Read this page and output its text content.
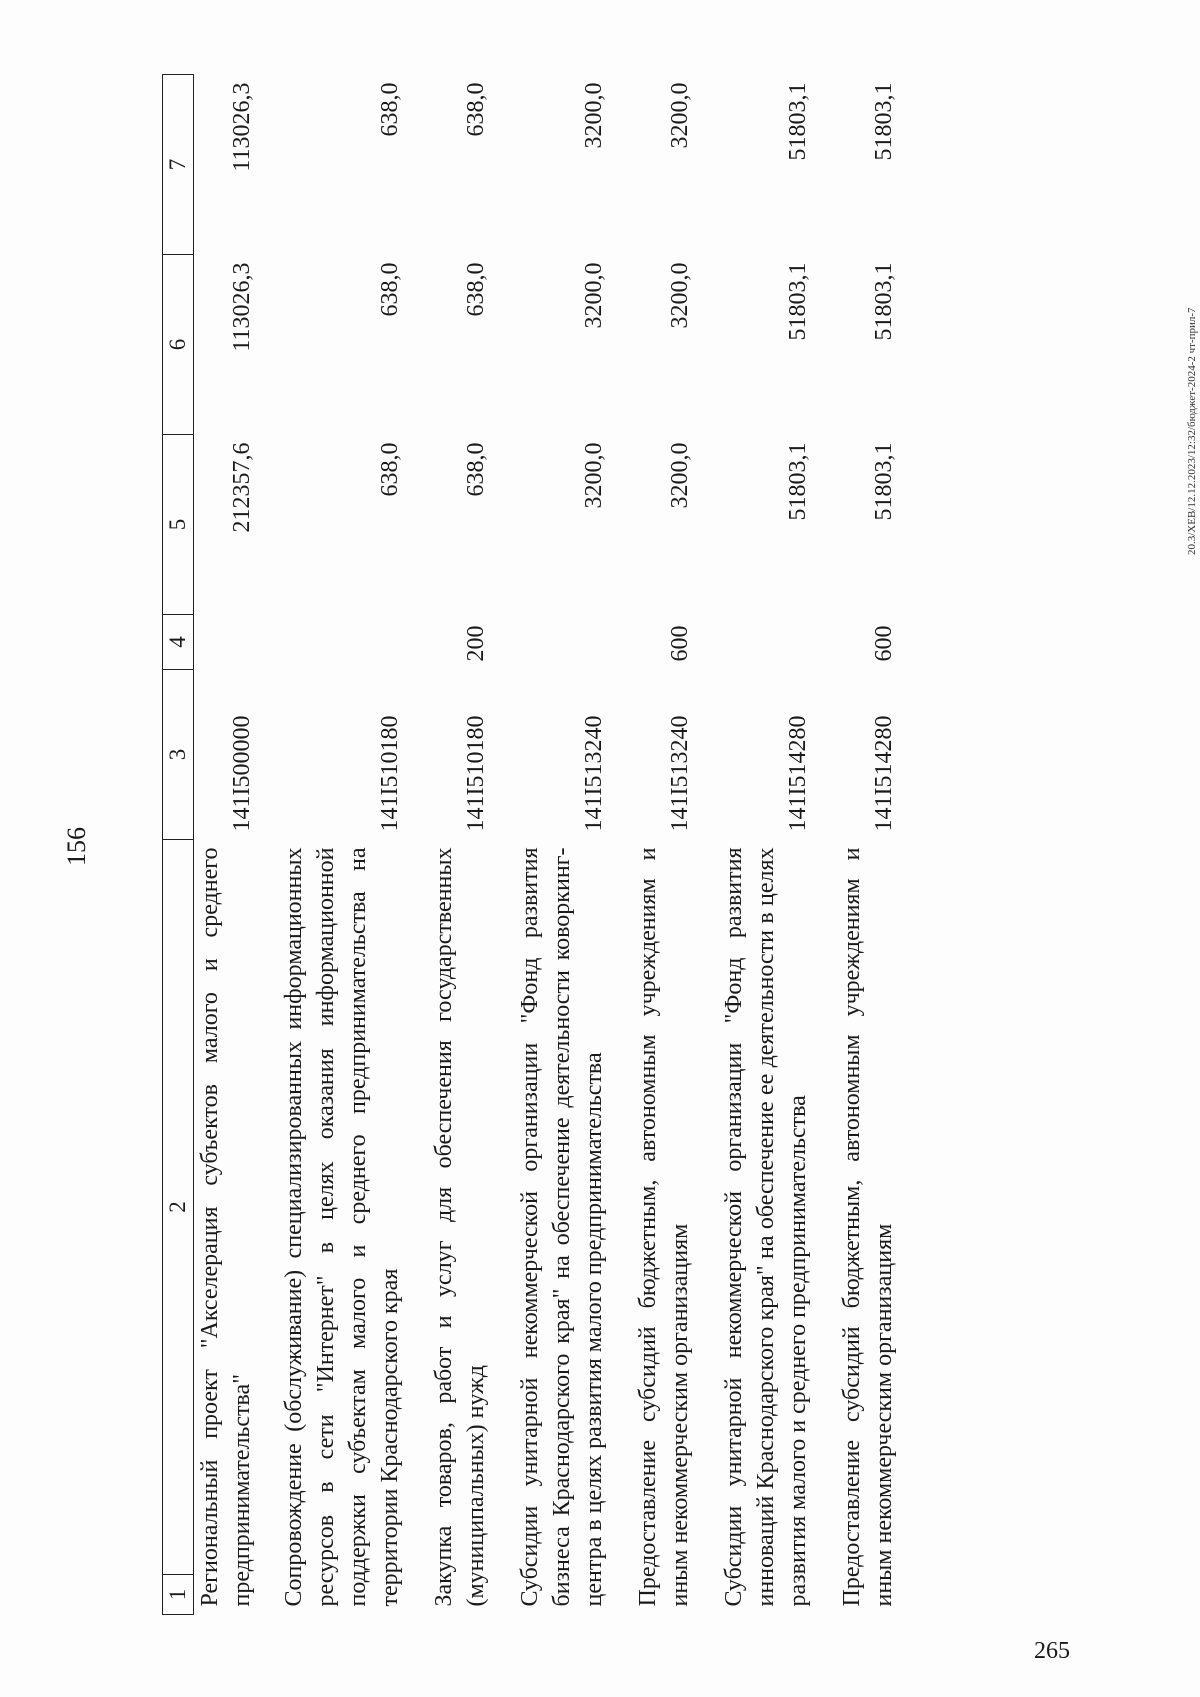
156
1	2	3	4	5	6	7
Региональный проект "Акселерация субъектов малого и среднего предпринимательства"		141I500000		212357,6	113026,3	113026,3
Сопровождение (обслуживание) специализированных информационных ресурсов в сети "Интернет" в целях оказания информационной поддержки субъектам малого и среднего предпринимательства на территории Краснодарского края		141I510180		638,0	638,0	638,0
Закупка товаров, работ и услуг для обеспечения государственных (муниципальных) нужд		141I510180	200	638,0	638,0	638,0
Субсидии унитарной некоммерческой организации "Фонд развития бизнеса Краснодарского края" на обеспечение деятельности коворкинг-центра в целях развития малого предпринимательства		141I513240		3200,0	3200,0	3200,0
Предоставление субсидий бюджетным, автономным учреждениям и иным некоммерческим организациям		141I513240	600	3200,0	3200,0	3200,0
Субсидии унитарной некоммерческой организации "Фонд развития инноваций Краснодарского края" на обеспечение ее деятельности в целях развития малого и среднего предпринимательства		141I514280		51803,1	51803,1	51803,1
Предоставление субсидий бюджетным, автономным учреждениям и иным некоммерческим организациям		141I514280	600	51803,1	51803,1	51803,1
20.3/XEB/12.12.2023/12:32/бюджет-2024-2 чт-прил-7
265
